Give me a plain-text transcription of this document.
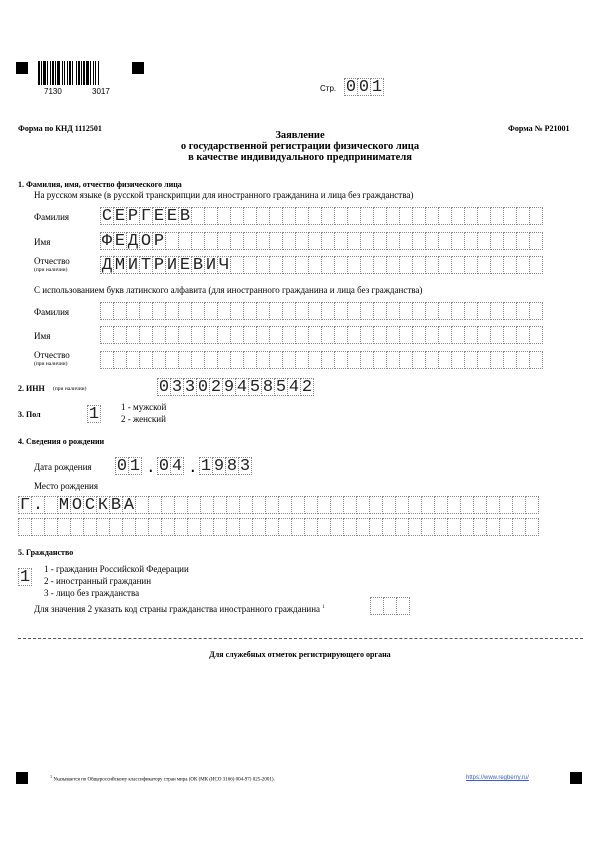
7130	3017	Стр. 0 0 1
Форма по КНД 1112501	Форма № Р21001
Заявление
о государственной регистрации физического лица
в качестве индивидуального предпринимателя
1. Фамилия, имя, отчество физического лица
На русском языке (в русской транскрипции для иностранного гражданина и лица без гражданства)
Фамилия С Е Р Г Е Е В
Имя	Ф Е Д О Р
Отчество
(при наличии) Д М И Т Р И Е В И Ч
С использованием букв латинского алфавита (для иностранного гражданина и лица без гражданства)
Фамилия
Имя
Отчество
(при наличии)
2. ИНН (при наличии)	0 3 3 0 2 9 4 5 8 5 4 2
3. Пол	1 1 - мужской
2 - женский
4. Сведения о рождении
Дата рождения 0 1 . 0 4 . 1 9 8 3
Место рождения
Г . М О С К В А
5. Гражданство
1 1 - гражданин Российской Федерации
2 - иностранный гражданин
3 - лицо без гражданства
Для значения 2 указать код страны гражданства иностранного гражданина $^1$
Для служебных отметок регистрирующего органа
$^1$ Указывается по Общероссийскому классификатору стран мира (ОК (МК (ИСО 3166) 004-97) 025-2001).	https://www.regberry.ru/
